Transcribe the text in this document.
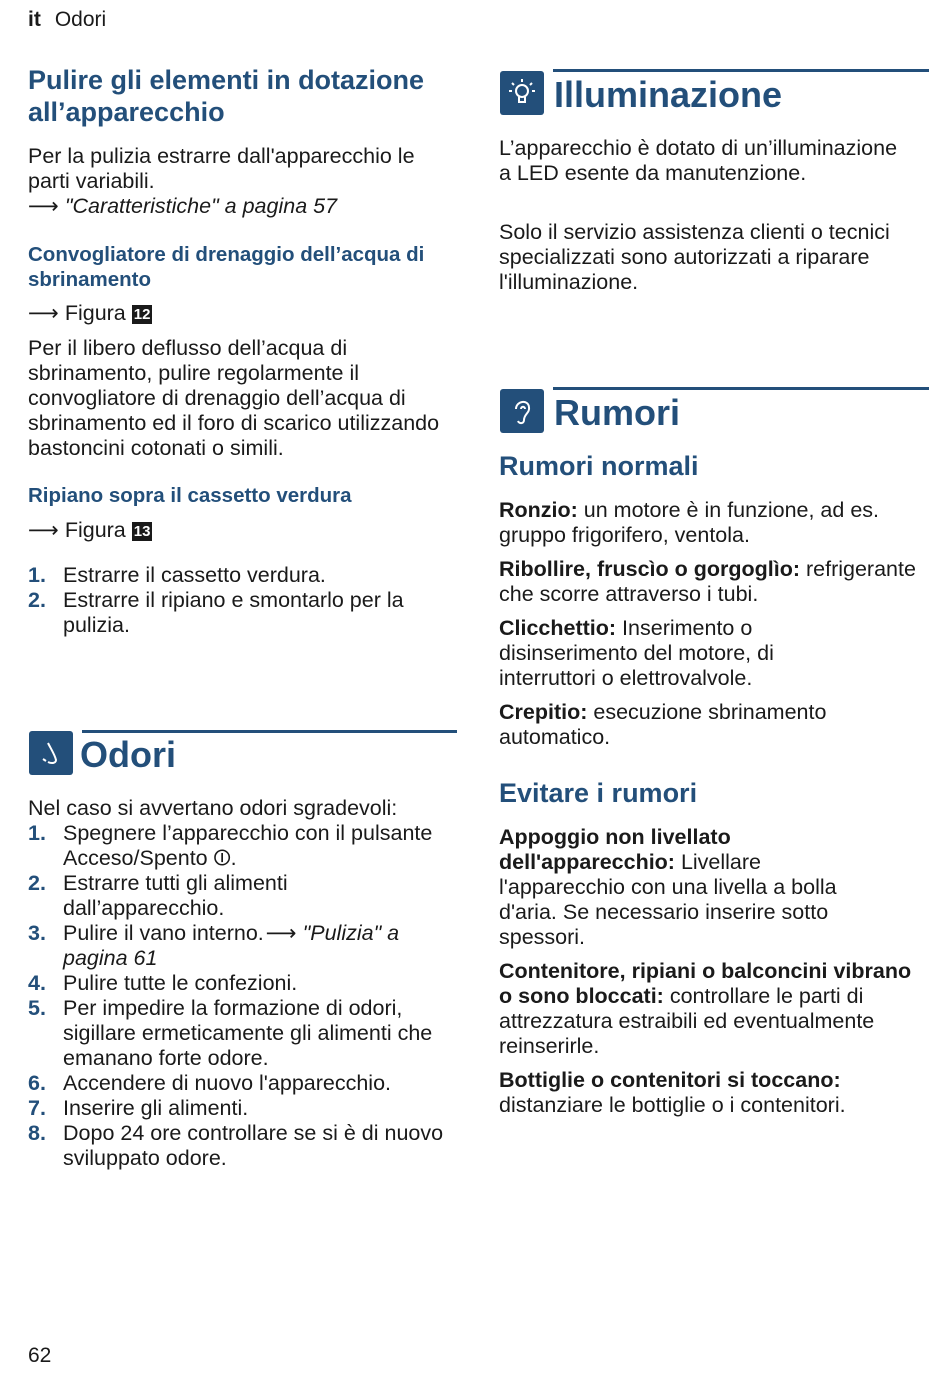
it Odori
Pulire gli elementi in dotazione all’apparecchio
Per la pulizia estrarre dall'apparecchio le parti variabili.
⟶ "Caratteristiche" a pagina 57
Convogliatore di drenaggio dell’acqua di sbrinamento
⟶ Figura 12
Per il libero deflusso dell’acqua di sbrinamento, pulire regolarmente il convogliatore di drenaggio dell’acqua di sbrinamento ed il foro di scarico utilizzando bastoncini cotonati o simili.
Ripiano sopra il cassetto verdura
⟶ Figura 13
1. Estrarre il cassetto verdura.
2. Estrarre il ripiano e smontarlo per la pulizia.
Odori
Nel caso si avvertano odori sgradevoli:
1. Spegnere l’apparecchio con il pulsante Acceso/Spento ⏼.
2. Estrarre tutti gli alimenti dall’apparecchio.
3. Pulire il vano interno.⟶ "Pulizia" a pagina 61
4. Pulire tutte le confezioni.
5. Per impedire la formazione di odori, sigillare ermeticamente gli alimenti che emanano forte odore.
6. Accendere di nuovo l'apparecchio.
7. Inserire gli alimenti.
8. Dopo 24 ore controllare se si è di nuovo sviluppato odore.
Illuminazione
L’apparecchio è dotato di un’illuminazione a LED esente da manutenzione.
Solo il servizio assistenza clienti o tecnici specializzati sono autorizzati a riparare l'illuminazione.
Rumori
Rumori normali

Ronzio: un motore è in funzione, ad es. gruppo frigorifero, ventola.

Ribollire, fruscìo o gorgoglìo: refrigerante che scorre attraverso i tubi.

Clicchettio: Inserimento o disinserimento del motore, di interruttori o elettrovalvole.

Crepitio: esecuzione sbrinamento automatico.

Evitare i rumori

Appoggio non livellato dell'apparecchio: Livellare l'apparecchio con una livella a bolla d'aria. Se necessario inserire sotto spessori.

Contenitore, ripiani o balconcini vibrano o sono bloccati: controllare le parti di attrezzatura estraibili ed eventualmente reinserirle.

Bottiglie o contenitori si toccano: distanziare le bottiglie o i contenitori.

62
